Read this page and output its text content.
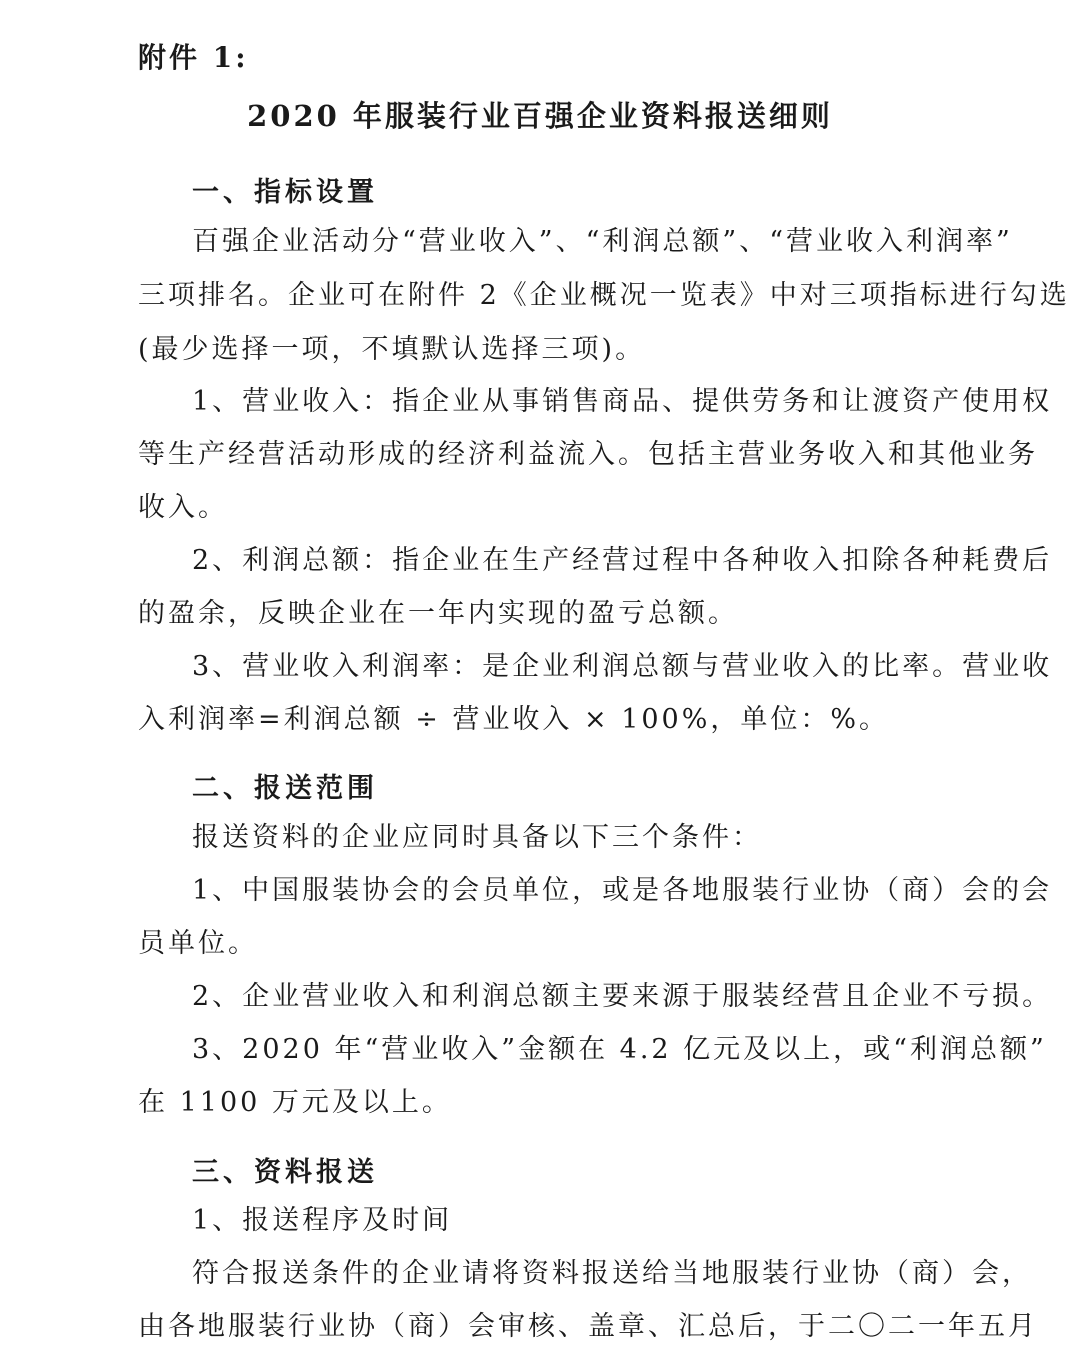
附件 1:
2020 年服装行业百强企业资料报送细则
一、指标设置
百强企业活动分“营业收入”、“利润总额”、“营业收入利润率”
三项排名。企业可在附件 2《企业概况一览表》中对三项指标进行勾选
(最少选择一项，不填默认选择三项)。
1、营业收入：指企业从事销售商品、提供劳务和让渡资产使用权
等生产经营活动形成的经济利益流入。包括主营业务收入和其他业务
收入。
2、利润总额：指企业在生产经营过程中各种收入扣除各种耗费后
的盈余，反映企业在一年内实现的盈亏总额。
3、营业收入利润率：是企业利润总额与营业收入的比率。营业收
入利润率=利润总额 ÷ 营业收入 × 100%，单位：%。
二、报送范围
报送资料的企业应同时具备以下三个条件：
1、中国服装协会的会员单位，或是各地服装行业协（商）会的会
员单位。
2、企业营业收入和利润总额主要来源于服装经营且企业不亏损。
3、2020 年“营业收入”金额在 4.2 亿元及以上，或“利润总额”
在 1100 万元及以上。
三、资料报送
1、报送程序及时间
符合报送条件的企业请将资料报送给当地服装行业协（商）会，
由各地服装行业协（商）会审核、盖章、汇总后，于二〇二一年五月
